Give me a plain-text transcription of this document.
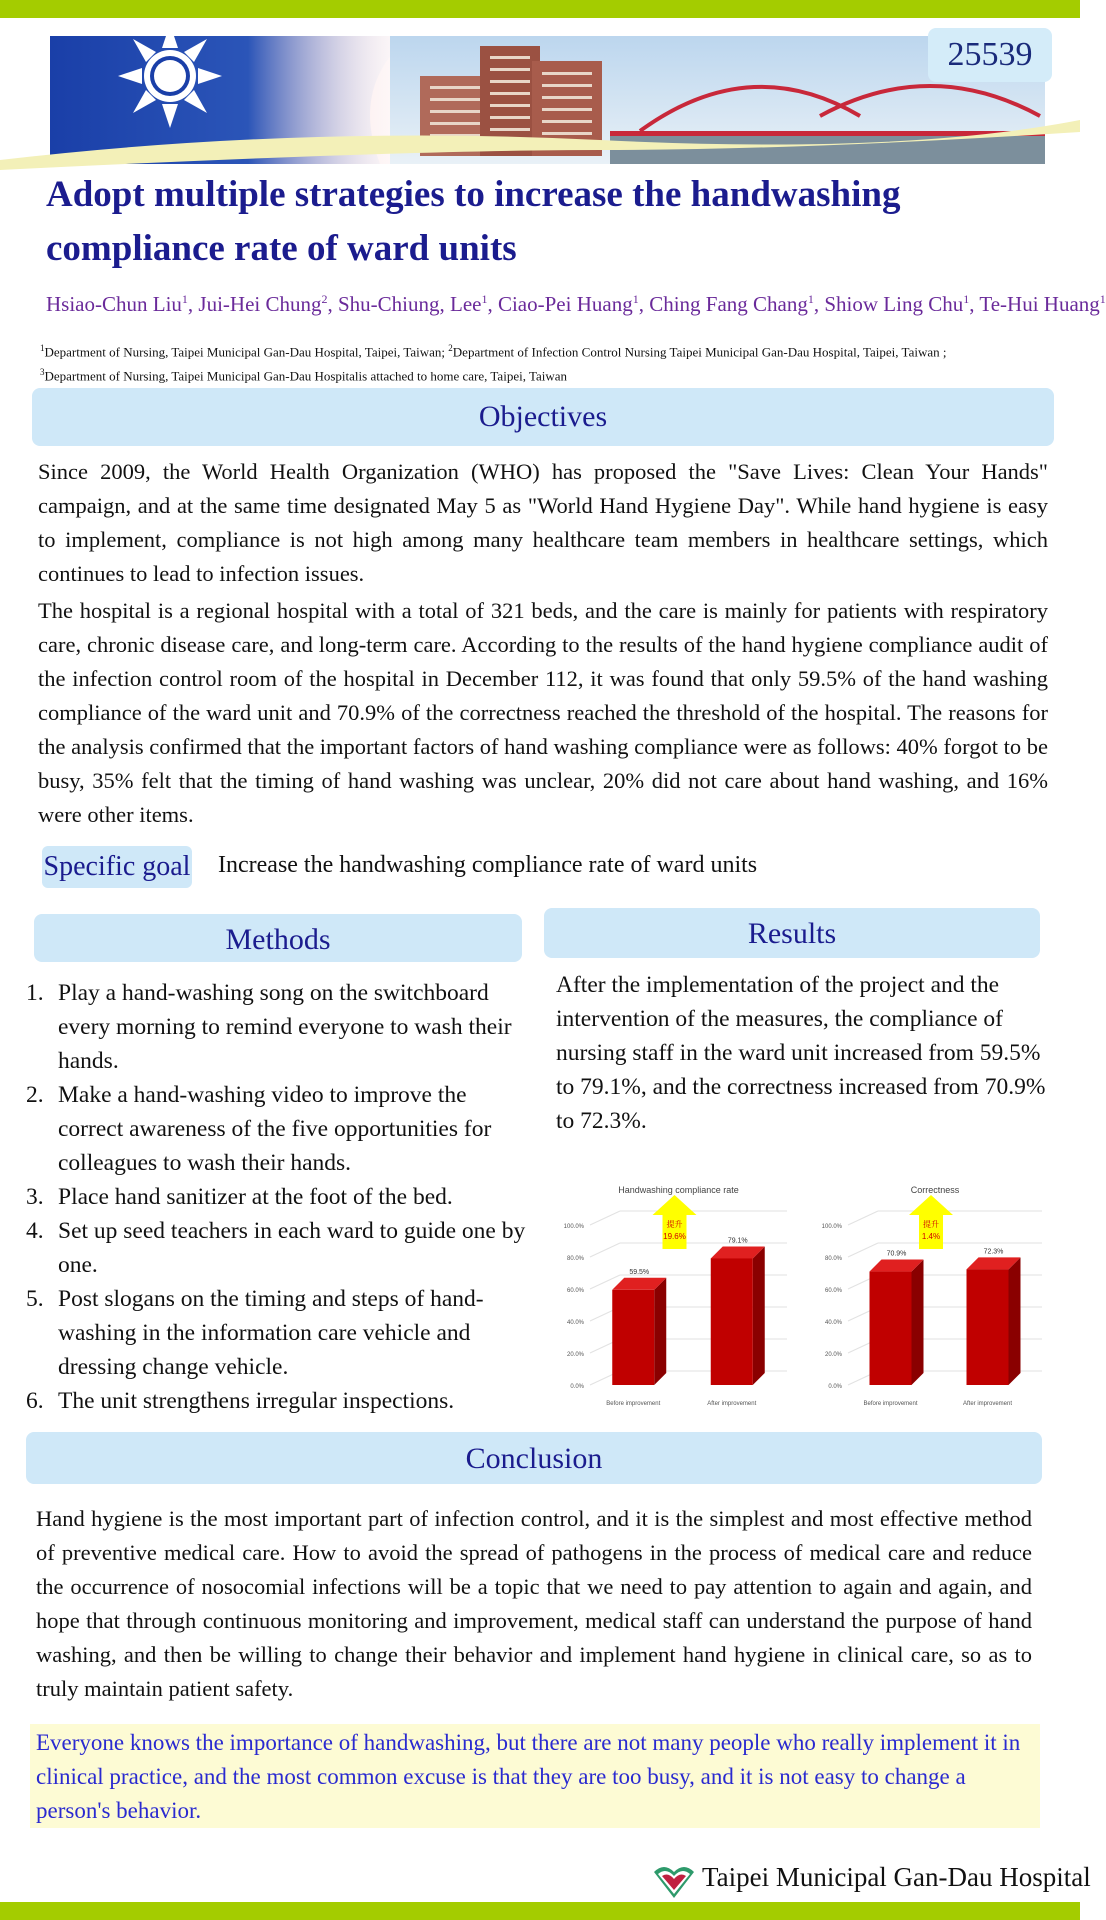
25539
Adopt multiple strategies to increase the handwashing compliance rate of ward units

Hsiao-Chun Liu$^1$, Jui-Hei Chung$^2$, Shu-Chiung, Lee$^1$, Ciao-Pei Huang$^1$, Ching Fang Chang$^1$, Shiow Ling Chu$^1$, Te-Hui Huang$^1$

$^1$Department of Nursing, Taipei Municipal Gan-Dau Hospital, Taipei, Taiwan; $^2$Department of Infection Control Nursing Taipei Municipal Gan-Dau Hospital, Taipei, Taiwan ;
$^3$Department of Nursing, Taipei Municipal Gan-Dau Hospitalis attached to home care, Taipei, Taiwan

Objectives

Since 2009, the World Health Organization (WHO) has proposed the "Save Lives: Clean Your Hands" campaign, and at the same time designated May 5 as "World Hand Hygiene Day". While hand hygiene is easy to implement, compliance is not high among many healthcare team members in healthcare settings, which continues to lead to infection issues.

The hospital is a regional hospital with a total of 321 beds, and the care is mainly for patients with respiratory care, chronic disease care, and long-term care. According to the results of the hand hygiene compliance audit of the infection control room of the hospital in December 112, it was found that only 59.5% of the hand washing compliance of the ward unit and 70.9% of the correctness reached the threshold of the hospital. The reasons for the analysis confirmed that the important factors of hand washing compliance were as follows: 40% forgot to be busy, 35% felt that the timing of hand washing was unclear, 20% did not care about hand washing, and 16% were other items.

Specific goal Increase the handwashing compliance rate of ward units
Methods
1. Play a hand-washing song on the switchboard every morning to remind everyone to wash their hands.
2. Make a hand-washing video to improve the correct awareness of the five opportunities for colleagues to wash their hands.
3. Place hand sanitizer at the foot of the bed.
4. Set up seed teachers in each ward to guide one by one.
5. Post slogans on the timing and steps of hand-washing in the information care vehicle and dressing change vehicle.
6. The unit strengthens irregular inspections.
Results

After the implementation of the project and the intervention of the measures, the compliance of nursing staff in the ward unit increased from 59.5% to 79.1%, and the correctness increased from 70.9% to 72.3%.

Handwashing compliance rate
0.0%
20.0%
40.0%
60.0%
80.0%
100.0%
59.5%
Before improvement
79.1%
After improvement
提升
19.6%
Correctness
0.0%
20.0%
40.0%
60.0%
80.0%
100.0%
70.9%
Before improvement
72.3%
After improvement
提升
1.4%
Conclusion

Hand hygiene is the most important part of infection control, and it is the simplest and most effective method of preventive medical care. How to avoid the spread of pathogens in the process of medical care and reduce the occurrence of nosocomial infections will be a topic that we need to pay attention to again and again, and hope that through continuous monitoring and improvement, medical staff can understand the purpose of hand washing, and then be willing to change their behavior and implement hand hygiene in clinical care, so as to truly maintain patient safety.

Everyone knows the importance of handwashing, but there are not many people who really implement it in clinical practice, and the most common excuse is that they are too busy, and it is not easy to change a person's behavior.

Taipei Municipal Gan-Dau Hospital
